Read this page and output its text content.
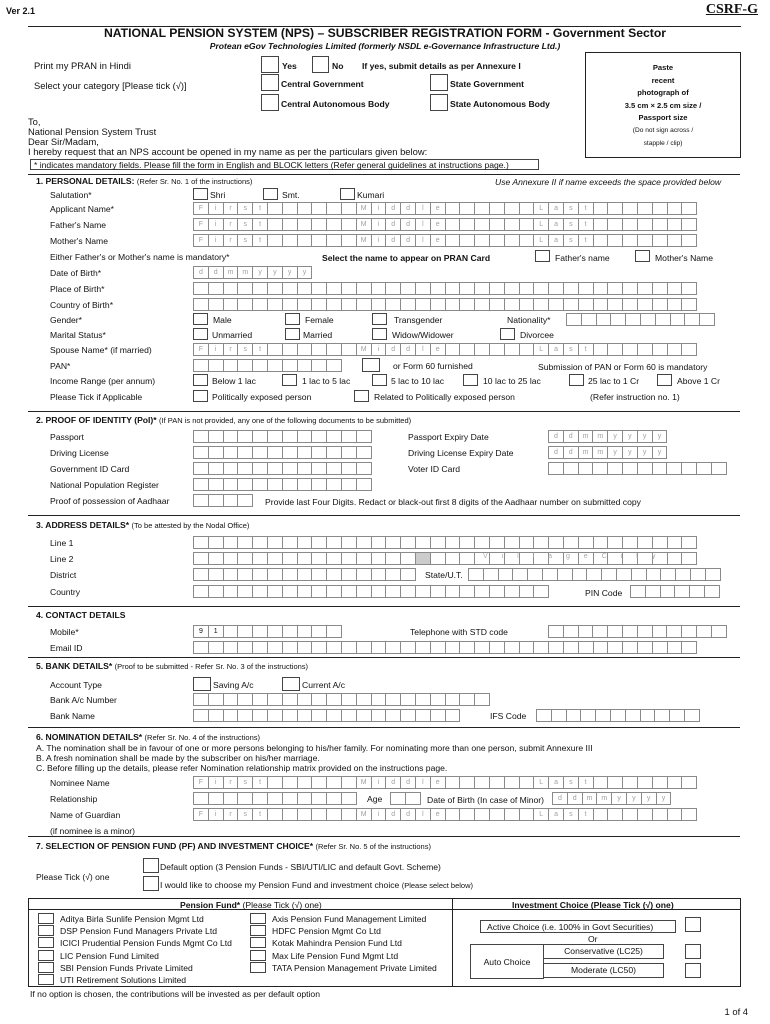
Ver 2.1	CSRF-G
NATIONAL PENSION SYSTEM (NPS) – SUBSCRIBER REGISTRATION FORM - Government Sector
Protean eGov Technologies Limited (formerly NSDL e-Governance Infrastructure Ltd.)
Print my PRAN in Hindi	Yes	No If yes, submit details as per Annexure I
Select your category [Please tick (√)]	Central Government	State Government
Central Autonomous Body	State Autonomous Body
Paste
recent
photograph of
3.5 cm × 2.5 cm size /
Passport size
(Do not sign across /
stapple / clip)
To,
National Pension System Trust
Dear Sir/Madam,
I hereby request that an NPS account be opened in my name as per the particulars given below:
* indicates mandatory fields. Please fill the form in English and BLOCK letters (Refer general guidelines at instructions page.)
1. PERSONAL DETAILS: (Refer Sr. No. 1 of the instructions)	Use Annexure II if name exceeds the space provided below
Salutation*	Shri	Smt.	Kumari
Applicant Name*	F	i	r	s	t	M	i	d	d	l	e	L	a	s	t
Father's Name	F	i	r	s	t	M	i	d	d	l	e	L	a	s	t
Mother's Name	F	i	r	s	t	M	i	d	d	l	e	L	a	s	t
Either Father's or Mother's name is mandatory*	Select the name to appear on PRAN Card	Father's name	Mother's Name
Date of Birth*	d	d	m	m	y	y	y	y
Place of Birth*
Country of Birth*
Gender*	Male	Female	Transgender	Nationality*
Marital Status*	Unmarried	Married	Widow/Widower	Divorcee
Spouse Name* (if married)	F	i	r	s	t	M	i	d	d	l	e	L	a	s	t
PAN*	or Form 60 furnished	Submission of PAN or Form 60 is mandatory
Income Range (per annum)	Below 1 lac	1 lac to 5 lac	5 lac to 10 lac	10 lac to 25 lac	25 lac to 1 Cr	Above 1 Cr
Please Tick if Applicable	Politically exposed person	Related to Politically exposed person	(Refer instruction no. 1)
2. PROOF OF IDENTITY (PoI)* (If PAN is not provided, any one of the following documents to be submitted)
Passport	Passport Expiry Date	d	d	m	m	y	y	y	y
Driving License	Driving License Expiry Date	d	d	m	m	y	y	y	y
Government ID Card	Voter ID Card
National Population Register
Proof of possession of Aadhaar	Provide last Four Digits. Redact or black-out first 8 digits of the Aadhaar number on submitted copy
3. ADDRESS DETAILS* (To be attested by the Nodal Office)
Line 1
Line 2	V i l l a g e C i t y
District	State/U.T.
Country	PIN Code
4. CONTACT DETAILS
Mobile*	9	1	Telephone with STD code
Email ID
5. BANK DETAILS* (Proof to be submitted - Refer Sr. No. 3 of the instructions)
Account Type	Saving A/c	Current A/c
Bank A/c Number
Bank Name	IFS Code
6. NOMINATION DETAILS* (Refer Sr. No. 4 of the instructions)
A. The nomination shall be in favour of one or more persons belonging to his/her family. For nominating more than one person, submit Annexure III
B. A fresh nomination shall be made by the subscriber on his/her marriage.
C. Before filling up the details, please refer Nomination relationship matrix provided on the instructions page.
Nominee Name	F	i	r	s	t	M	i	d	d	l	e	L	a	s	t
Relationship	Age	Date of Birth (In case of Minor)	d	d	m	m	y	y	y	y
Name of Guardian	F	i	r	s	t	M	i	d	d	l	e	L	a	s	t
(if nominee is a minor)
7. SELECTION OF PENSION FUND (PF) AND INVESTMENT CHOICE* (Refer Sr. No. 5 of the instructions)
Please Tick (√) one
Default option (3 Pension Funds - SBI/UTI/LIC and default Govt. Scheme)
I would like to choose my Pension Fund and investment choice (Please select below)
Pension Fund* (Please Tick (√) one)	Investment Choice (Please Tick (√) one)
Aditya Birla Sunlife Pension Mgmt Ltd
DSP Pension Fund Managers Private Ltd
ICICI Prudential Pension Funds Mgmt Co Ltd
LIC Pension Fund Limited
SBI Pension Funds Private Limited
UTI Retirement Solutions Limited
Axis Pension Fund Management Limited
HDFC Pension Mgmt Co Ltd
Kotak Mahindra Pension Fund Ltd
Max Life Pension Fund Mgmt Ltd
TATA Pension Management Private Limited
Active Choice (i.e. 100% in Govt Securities)
Or
Auto Choice
Conservative (LC25)
Moderate (LC50)
If no option is chosen, the contributions will be invested as per default option
1 of 4
